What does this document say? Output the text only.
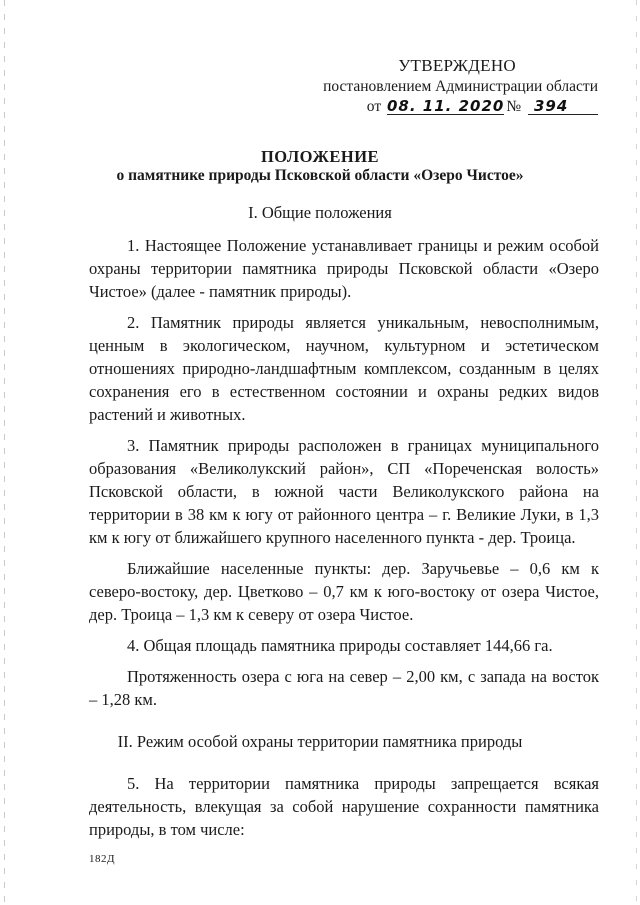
УТВЕРЖДЕНО
постановлением Администрации области
от 08. 11. 2020 № 394
ПОЛОЖЕНИЕ
о памятнике природы Псковской области «Озеро Чистое»
I. Общие положения

1. Настоящее Положение устанавливает границы и режим особой охраны территории памятника природы Псковской области «Озеро Чистое» (далее - памятник природы).

2. Памятник природы является уникальным, невосполнимым, ценным в экологическом, научном, культурном и эстетическом отношениях природно-ландшафтным комплексом, созданным в целях сохранения его в естественном состоянии и охраны редких видов растений и животных.

3. Памятник природы расположен в границах муниципального образования «Великолукский район», СП «Пореченская волость» Псковской области, в южной части Великолукского района на территории в 38 км к югу от районного центра – г. Великие Луки, в 1,3 км к югу от ближайшего крупного населенного пункта - дер. Троица.

Ближайшие населенные пункты: дер. Заручьевье – 0,6 км к северо-востоку, дер. Цветково – 0,7 км к юго-востоку от озера Чистое, дер. Троица – 1,3 км к северу от озера Чистое.

4. Общая площадь памятника природы составляет 144,66 га.

Протяженность озера с юга на север – 2,00 км, с запада на восток – 1,28 км.

II. Режим особой охраны территории памятника природы

5. На территории памятника природы запрещается всякая деятельность, влекущая за собой нарушение сохранности памятника природы, в том числе:

182Д
